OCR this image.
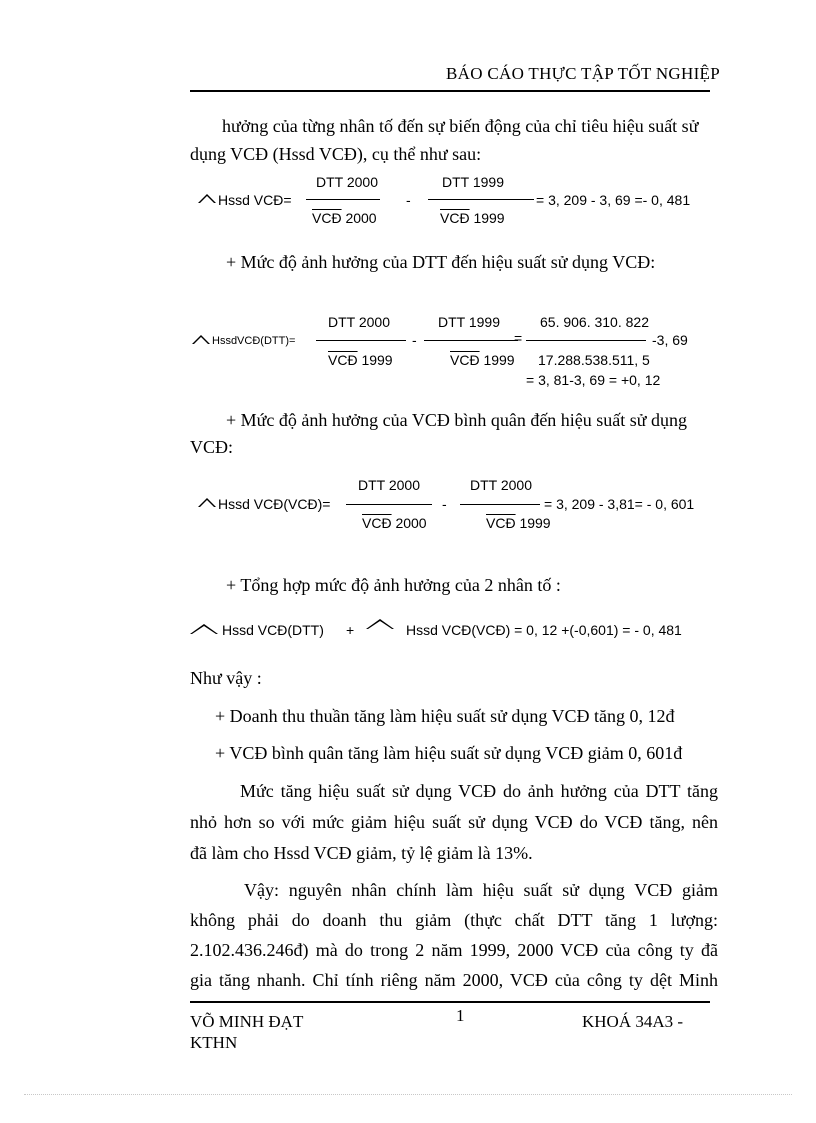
BÁO CÁO THỰC TẬP TỐT NGHIỆP
hưởng của từng nhân tố đến sự biến động của chỉ tiêu hiệu suất sử
dụng VCĐ (Hssd VCĐ), cụ thể như sau:
Hssd VCĐ=
DTT 2000
$\overline{VCĐ}$ 2000
-
DTT 1999
$\overline{VCĐ}$ 1999
= 3, 209 - 3, 69 =- 0, 481
+ Mức độ ảnh hưởng của DTT đến hiệu suất sử dụng VCĐ:
HssdVCĐ(DTT)=
DTT 2000
$\overline{VCĐ}$ 1999
-
DTT 1999
$\overline{VCĐ}$ 1999
=
65. 906. 310. 822
-3, 69
17.288.538.511, 5
= 3, 81-3, 69 = +0, 12
+ Mức độ ảnh hưởng của VCĐ bình quân đến hiệu suất sử dụng
VCĐ:
Hssd VCĐ(VCĐ)=
DTT 2000
$\overline{VCĐ}$ 2000
-
DTT 2000
$\overline{VCĐ}$ 1999
= 3, 209 - 3,81= - 0, 601
+ Tổng hợp mức độ ảnh hưởng của 2 nhân tố :
Hssd VCĐ(DTT) +	Hssd VCĐ(VCĐ) = 0, 12 +(-0,601) = - 0, 481
Như vậy :
+ Doanh thu thuần tăng làm hiệu suất sử dụng VCĐ tăng 0, 12đ
+ VCĐ bình quân tăng làm hiệu suất sử dụng VCĐ giảm 0, 601đ
Mức tăng hiệu suất sử dụng VCĐ do ảnh hưởng của DTT tăng
nhỏ hơn so với mức giảm hiệu suất sử dụng VCĐ do VCĐ tăng, nên
đã làm cho Hssd VCĐ giảm, tỷ lệ giảm là 13%.
Vậy: nguyên nhân chính làm hiệu suất sử dụng VCĐ giảm
không phải do doanh thu giảm (thực chất DTT tăng 1 lượng:
2.102.436.246đ) mà do trong 2 năm 1999, 2000 VCĐ của công ty đã
gia tăng nhanh. Chỉ tính riêng năm 2000, VCĐ của công ty dệt Minh
VÕ MINH ĐẠT
KTHN
1	KHOÁ 34A3 -
